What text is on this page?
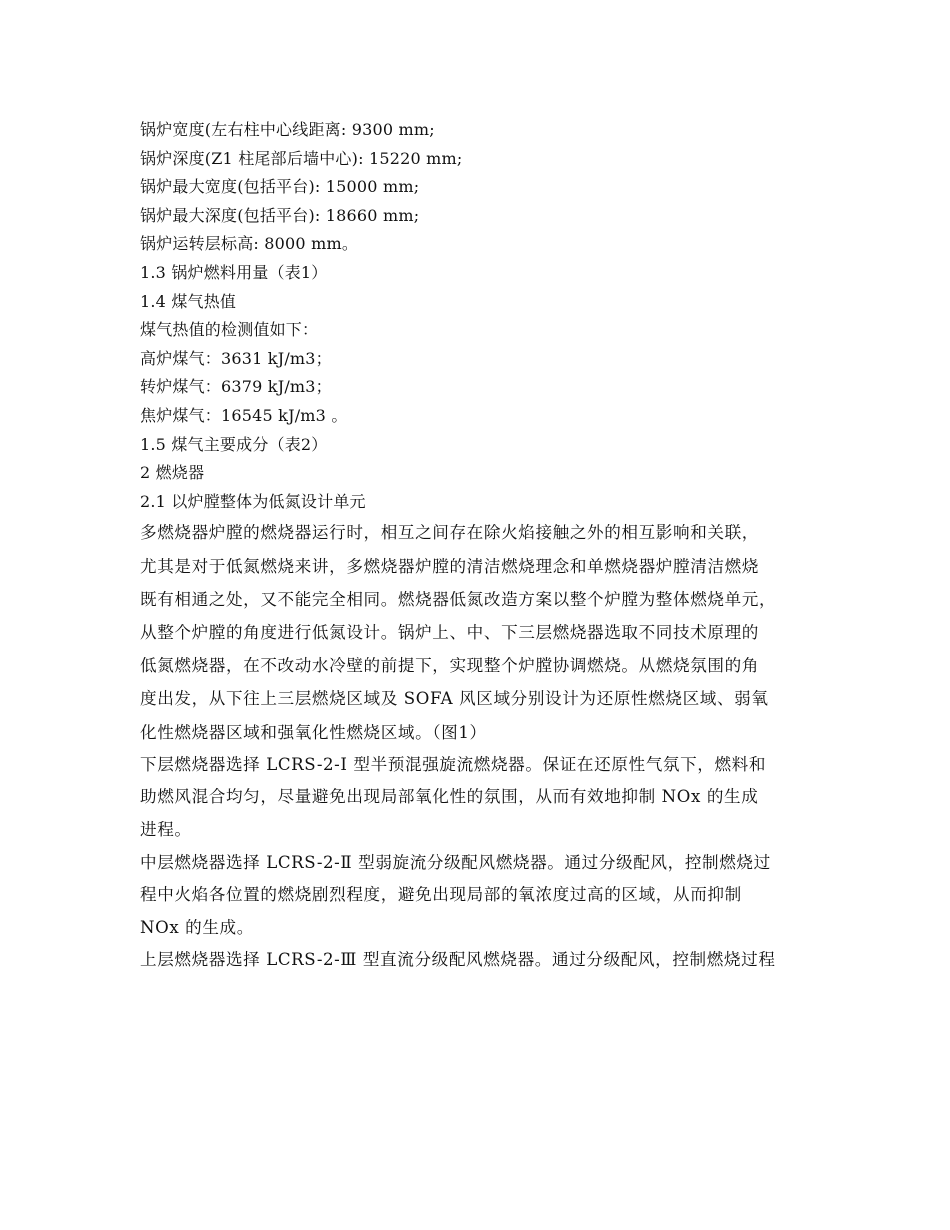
锅炉宽度(左右柱中心线距离: 9300 mm;
锅炉深度(Z1 柱尾部后墙中心): 15220 mm;
锅炉最大宽度(包括平台): 15000 mm;
锅炉最大深度(包括平台): 18660 mm;
锅炉运转层标高: 8000 mm。
1.3 锅炉燃料用量（表1）
1.4 煤气热值
煤气热值的检测值如下：
高炉煤气：3631 kJ/m3；
转炉煤气：6379 kJ/m3；
焦炉煤气：16545 kJ/m3 。
1.5 煤气主要成分（表2）
2 燃烧器
2.1 以炉膛整体为低氮设计单元
多燃烧器炉膛的燃烧器运行时，相互之间存在除火焰接触之外的相互影响和关联，
尤其是对于低氮燃烧来讲，多燃烧器炉膛的清洁燃烧理念和单燃烧器炉膛清洁燃烧
既有相通之处，又不能完全相同。燃烧器低氮改造方案以整个炉膛为整体燃烧单元，
从整个炉膛的角度进行低氮设计。锅炉上、中、下三层燃烧器选取不同技术原理的
低氮燃烧器，在不改动水冷壁的前提下，实现整个炉膛协调燃烧。从燃烧氛围的角
度出发，从下往上三层燃烧区域及 SOFA 风区域分别设计为还原性燃烧区域、弱氧
化性燃烧器区域和强氧化性燃烧区域。（图1）
下层燃烧器选择 LCRS-2-Ⅰ 型半预混强旋流燃烧器。保证在还原性气氛下，燃料和
助燃风混合均匀，尽量避免出现局部氧化性的氛围，从而有效地抑制 NOx 的生成
进程。
中层燃烧器选择 LCRS-2-Ⅱ 型弱旋流分级配风燃烧器。通过分级配风，控制燃烧过
程中火焰各位置的燃烧剧烈程度，避免出现局部的氧浓度过高的区域，从而抑制
NOx 的生成。
上层燃烧器选择 LCRS-2-Ⅲ 型直流分级配风燃烧器。通过分级配风，控制燃烧过程
